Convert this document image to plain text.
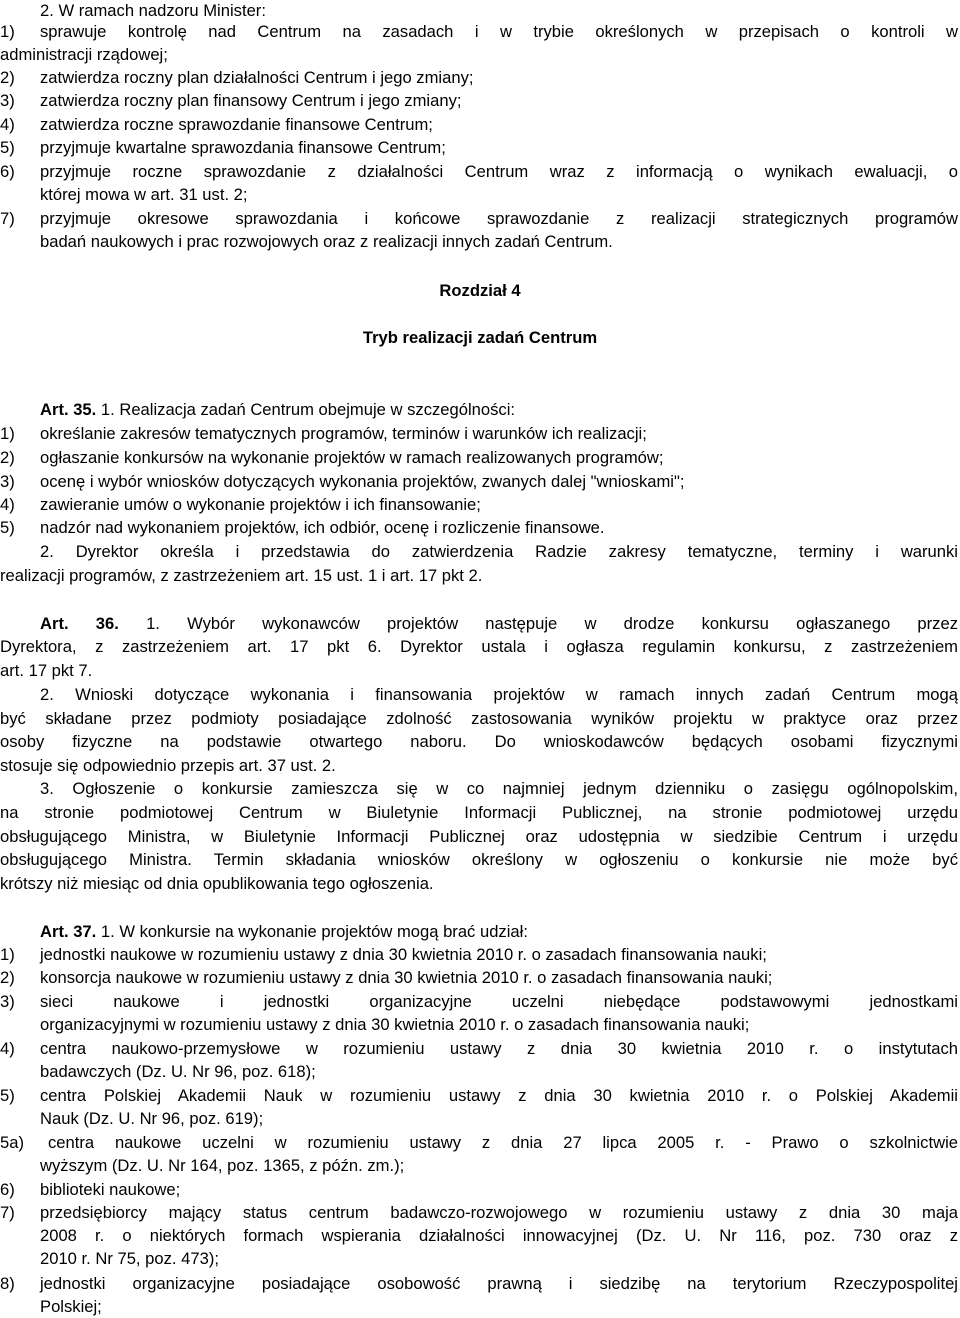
2. W ramach nadzoru Minister:
1)	sprawuje kontrolę nad Centrum na zasadach i w trybie określonych w przepisach o kontroli w
administracji rządowej;
2) zatwierdza roczny plan działalności Centrum i jego zmiany;
3) zatwierdza roczny plan finansowy Centrum i jego zmiany;
4) zatwierdza roczne sprawozdanie finansowe Centrum;
5) przyjmuje kwartalne sprawozdania finansowe Centrum;
6)	przyjmuje roczne sprawozdanie z działalności Centrum wraz z informacją o wynikach ewaluacji, o
której mowa w art. 31 ust. 2;
7)	przyjmuje okresowe sprawozdania i końcowe sprawozdanie z realizacji strategicznych programów
badań naukowych i prac rozwojowych oraz z realizacji innych zadań Centrum.
Rozdział 4
Tryb realizacji zadań Centrum
Art. 35. 1. Realizacja zadań Centrum obejmuje w szczególności:
1) określanie zakresów tematycznych programów, terminów i warunków ich realizacji;
2) ogłaszanie konkursów na wykonanie projektów w ramach realizowanych programów;
3) ocenę i wybór wniosków dotyczących wykonania projektów, zwanych dalej "wnioskami";
4) zawieranie umów o wykonanie projektów i ich finansowanie;
5) nadzór nad wykonaniem projektów, ich odbiór, ocenę i rozliczenie finansowe.
2. Dyrektor określa i przedstawia do zatwierdzenia Radzie zakresy tematyczne, terminy i warunki
realizacji programów, z zastrzeżeniem art. 15 ust. 1 i art. 17 pkt 2.
Art. 36. 1. Wybór wykonawców projektów następuje w drodze konkursu ogłaszanego przez
Dyrektora, z zastrzeżeniem art. 17 pkt 6. Dyrektor ustala i ogłasza regulamin konkursu, z zastrzeżeniem
art. 17 pkt 7.
2. Wnioski dotyczące wykonania i finansowania projektów w ramach innych zadań Centrum mogą
być składane przez podmioty posiadające zdolność zastosowania wyników projektu w praktyce oraz przez
osoby fizyczne na podstawie otwartego naboru. Do wnioskodawców będących osobami fizycznymi
stosuje się odpowiednio przepis art. 37 ust. 2.
3. Ogłoszenie o konkursie zamieszcza się w co najmniej jednym dzienniku o zasięgu ogólnopolskim,
na stronie podmiotowej Centrum w Biuletynie Informacji Publicznej, na stronie podmiotowej urzędu
obsługującego Ministra, w Biuletynie Informacji Publicznej oraz udostępnia w siedzibie Centrum i urzędu
obsługującego Ministra. Termin składania wniosków określony w ogłoszeniu o konkursie nie może być
krótszy niż miesiąc od dnia opublikowania tego ogłoszenia.
Art. 37. 1. W konkursie na wykonanie projektów mogą brać udział:
1) jednostki naukowe w rozumieniu ustawy z dnia 30 kwietnia 2010 r. o zasadach finansowania nauki;
2) konsorcja naukowe w rozumieniu ustawy z dnia 30 kwietnia 2010 r. o zasadach finansowania nauki;
3)	sieci naukowe i jednostki organizacyjne uczelni niebędące podstawowymi jednostkami
organizacyjnymi w rozumieniu ustawy z dnia 30 kwietnia 2010 r. o zasadach finansowania nauki;
4)	centra naukowo-przemysłowe w rozumieniu ustawy z dnia 30 kwietnia 2010 r. o instytutach
badawczych (Dz. U. Nr 96, poz. 618);
5)	centra Polskiej Akademii Nauk w rozumieniu ustawy z dnia 30 kwietnia 2010 r. o Polskiej Akademii
Nauk (Dz. U. Nr 96, poz. 619);
5a)	centra naukowe uczelni w rozumieniu ustawy z dnia 27 lipca 2005 r. - Prawo o szkolnictwie
wyższym (Dz. U. Nr 164, poz. 1365, z późn. zm.);
6) biblioteki naukowe;
7)	przedsiębiorcy mający status centrum badawczo-rozwojowego w rozumieniu ustawy z dnia 30 maja
2008 r. o niektórych formach wspierania działalności innowacyjnej (Dz. U. Nr 116, poz. 730 oraz z
2010 r. Nr 75, poz. 473);
8)	jednostki organizacyjne posiadające osobowość prawną i siedzibę na terytorium Rzeczypospolitej
Polskiej;
